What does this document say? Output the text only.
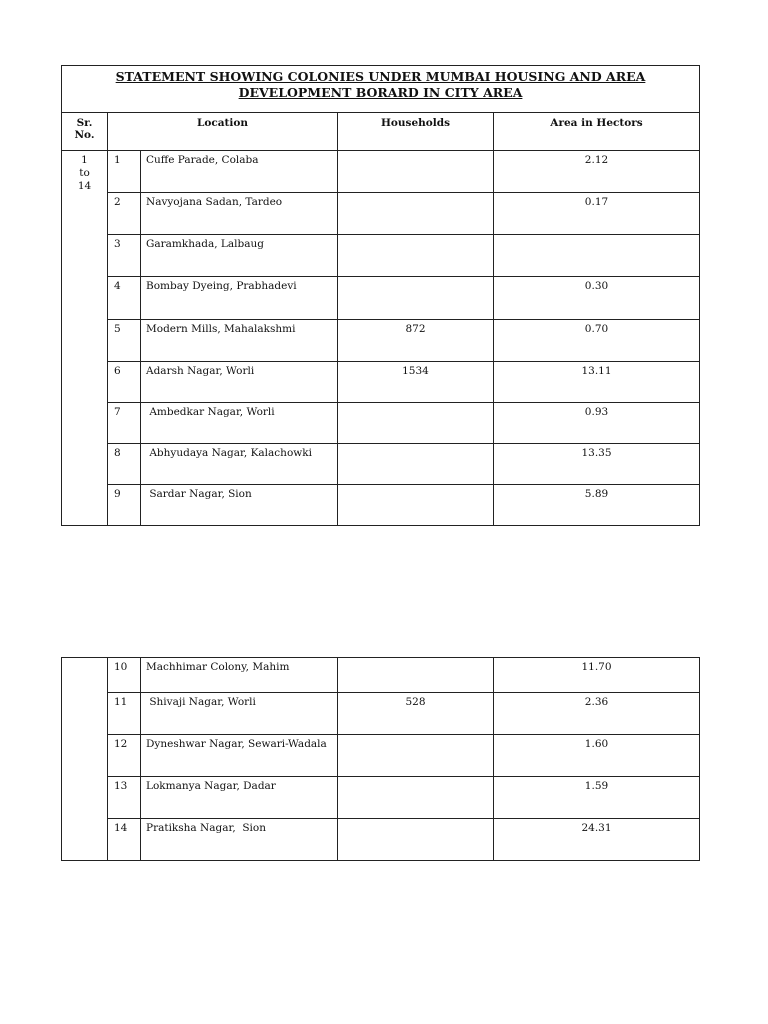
STATEMENT SHOWING COLONIES UNDER MUMBAI HOUSING AND AREA
DEVELOPMENT BORARD IN CITY AREA				

Sr.
No.	Location		Households	Area in Hectors

1
to
14	1	Cuffe Parade, Colaba		2.12
	2	Navyojana Sadan, Tardeo		0.17
	3	Garamkhada, Lalbaug		
	4	Bombay Dyeing, Prabhadevi		0.30
	5	Modern Mills, Mahalakshmi	872	0.70
	6	Adarsh Nagar, Worli	1534	13.11
	7	Ambedkar Nagar, Worli		0.93
	8	Abhyudaya Nagar, Kalachowki		13.35
	9	Sardar Nagar, Sion		5.89
	10	Machhimar Colony, Mahim		11.70
	11	Shivaji Nagar, Worli	528	2.36
	12	Dyneshwar Nagar, Sewari-Wadala		1.60
	13	Lokmanya Nagar, Dadar		1.59
	14	Pratiksha Nagar,  Sion		24.31
